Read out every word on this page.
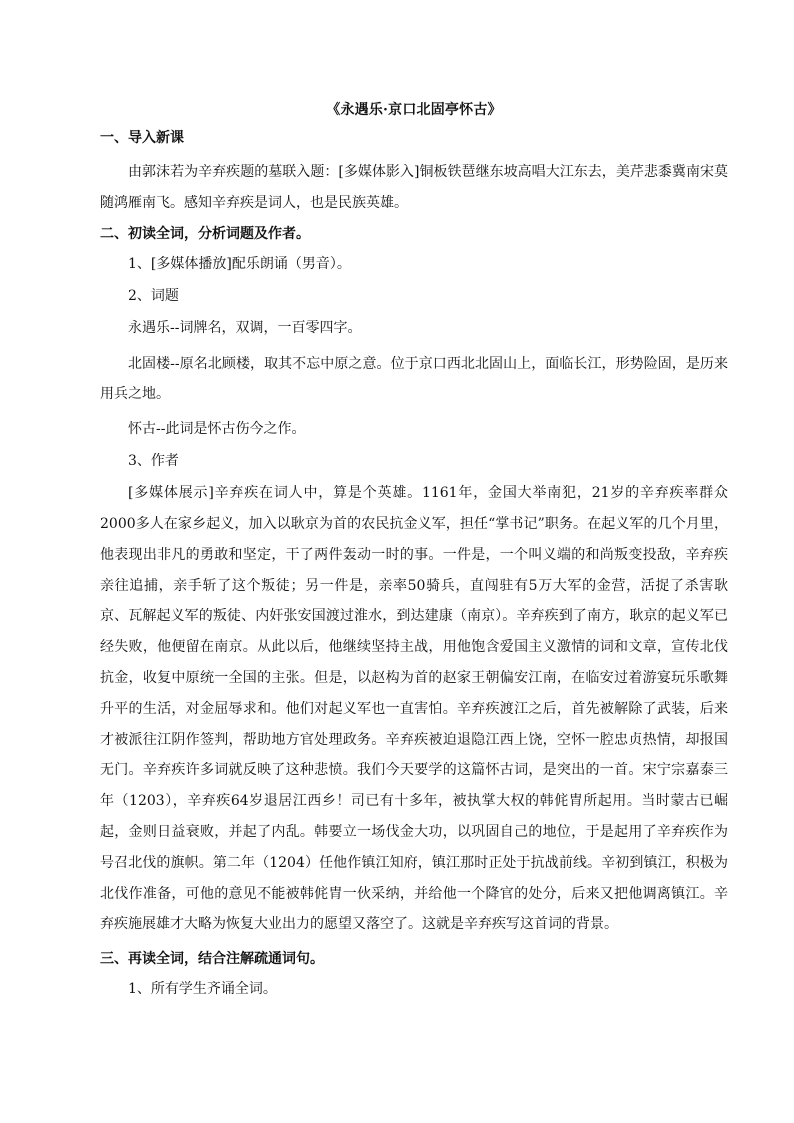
《永遇乐·京口北固亭怀古》
一、导入新课

由郭沫若为辛弃疾题的墓联入题：[多媒体影入]铜板铁琶继东坡高唱大江东去，美芹悲黍冀南宋莫随鸿雁南飞。感知辛弃疾是词人，也是民族英雄。

二、初读全词，分析词题及作者。

1、[多媒体播放]配乐朗诵（男音）。

2、词题

永遇乐--词牌名，双调，一百零四字。

北固楼--原名北顾楼，取其不忘中原之意。位于京口西北北固山上，面临长江，形势险固，是历来用兵之地。

怀古--此词是怀古伤今之作。

3、作者

[多媒体展示]辛弃疾在词人中，算是个英雄。1161年，金国大举南犯，21岁的辛弃疾率群众2000多人在家乡起义，加入以耿京为首的农民抗金义军，担任“掌书记”职务。在起义军的几个月里，他表现出非凡的勇敢和坚定，干了两件轰动一时的事。一件是，一个叫义端的和尚叛变投敌，辛弃疾亲往追捕，亲手斩了这个叛徒；另一件是，亲率50骑兵，直闯驻有5万大军的金营，活捉了杀害耿京、瓦解起义军的叛徒、内奸张安国渡过淮水，到达建康（南京）。辛弃疾到了南方，耿京的起义军已经失败，他便留在南京。从此以后，他继续坚持主战，用他饱含爱国主义激情的词和文章，宣传北伐抗金，收复中原统一全国的主张。但是，以赵构为首的赵家王朝偏安江南，在临安过着游宴玩乐歌舞升平的生活，对金屈辱求和。他们对起义军也一直害怕。辛弃疾渡江之后，首先被解除了武装，后来才被派往江阴作签判，帮助地方官处理政务。辛弃疾被迫退隐江西上饶，空怀一腔忠贞热情，却报国无门。辛弃疾许多词就反映了这种悲愤。我们今天要学的这篇怀古词，是突出的一首。宋宁宗嘉泰三年（1203），辛弃疾64岁退居江西乡！司已有十多年，被执掌大权的韩侂胄所起用。当时蒙古已崛起，金则日益衰败，并起了内乱。韩要立一场伐金大功，以巩固自己的地位，于是起用了辛弃疾作为号召北伐的旗帜。第二年（1204）任他作镇江知府，镇江那时正处于抗战前线。辛初到镇江，积极为北伐作准备，可他的意见不能被韩侂胄一伙采纳，并给他一个降官的处分，后来又把他调离镇江。辛弃疾施展雄才大略为恢复大业出力的愿望又落空了。这就是辛弃疾写这首词的背景。

三、再读全词，结合注解疏通词句。

1、所有学生齐诵全词。
